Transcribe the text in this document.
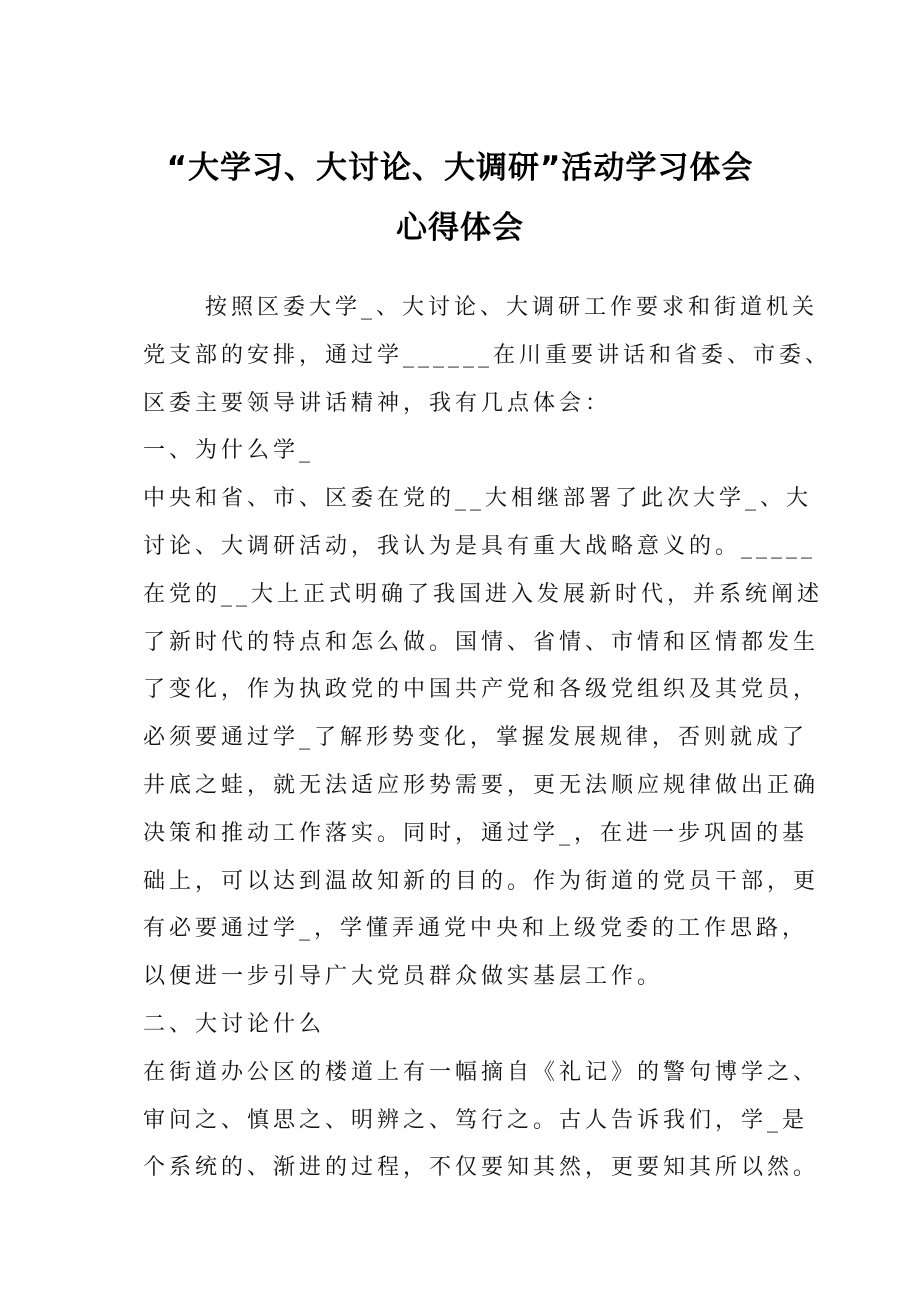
“大学习、大讨论、大调研”活动学习体会
心得体会
按照区委大学_、大讨论、大调研工作要求和街道机关
党支部的安排，通过学______在川重要讲话和省委、市委、
区委主要领导讲话精神，我有几点体会：
一、为什么学_
中央和省、市、区委在党的__大相继部署了此次大学_、大
讨论、大调研活动，我认为是具有重大战略意义的。_____
在党的__大上正式明确了我国进入发展新时代，并系统阐述
了新时代的特点和怎么做。国情、省情、市情和区情都发生
了变化，作为执政党的中国共产党和各级党组织及其党员，
必须要通过学_了解形势变化，掌握发展规律，否则就成了
井底之蛙，就无法适应形势需要，更无法顺应规律做出正确
决策和推动工作落实。同时，通过学_，在进一步巩固的基
础上，可以达到温故知新的目的。作为街道的党员干部，更
有必要通过学_，学懂弄通党中央和上级党委的工作思路，
以便进一步引导广大党员群众做实基层工作。
二、大讨论什么
在街道办公区的楼道上有一幅摘自《礼记》的警句博学之、
审问之、慎思之、明辨之、笃行之。古人告诉我们，学_是
个系统的、渐进的过程，不仅要知其然，更要知其所以然。
